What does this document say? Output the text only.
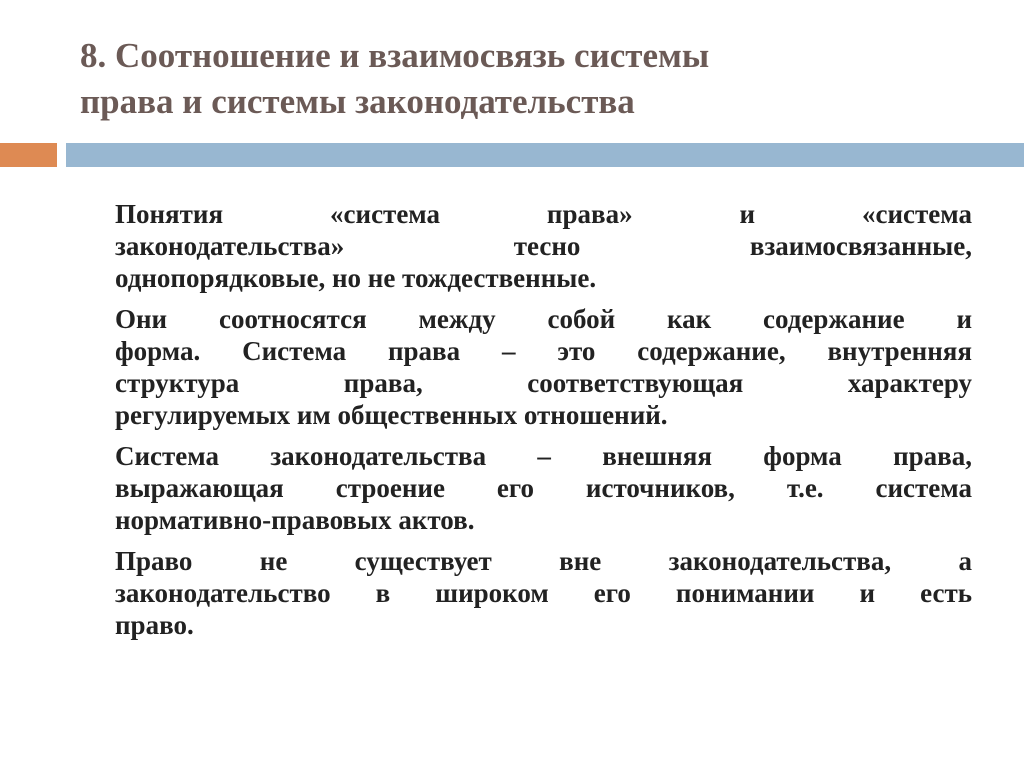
8. Соотношение и взаимосвязь системы
права и системы законодательства

Понятия «система права» и «система
законодательства» тесно взаимосвязанные,
однопорядковые, но не тождественные.

Они соотносятся между собой как содержание и
форма. Система права – это содержание, внутренняя
структура права, соответствующая характеру
регулируемых им общественных отношений.

Система законодательства – внешняя форма права,
выражающая строение его источников, т.е. система
нормативно-правовых актов.

Право не существует вне законодательства, а
законодательство в широком его понимании и есть
право.
